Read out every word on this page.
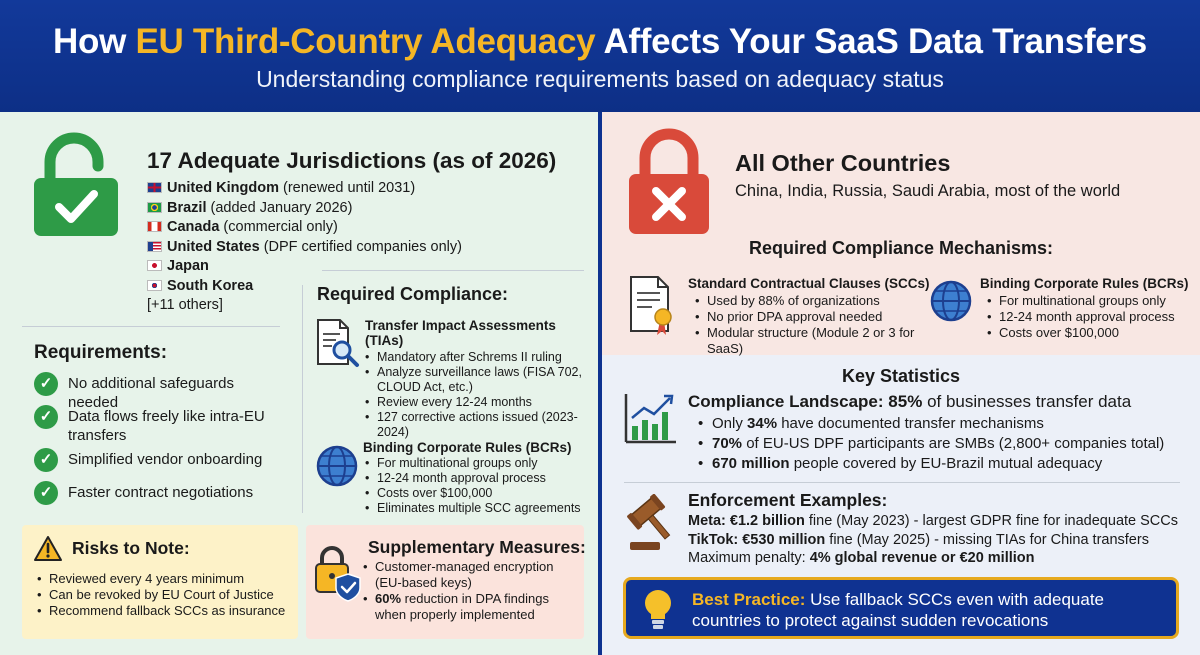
How EU Third-Country Adequacy Affects Your SaaS Data Transfers
Understanding compliance requirements based on adequacy status
17 Adequate Jurisdictions (as of 2026)
United Kingdom (renewed until 2031)
Brazil (added January 2026)
Canada (commercial only)
United States (DPF certified companies only)
Japan
South Korea
[+11 others]
Requirements:
✓	No additional safeguards needed
✓	Data flows freely like intra-EU transfers
✓	Simplified vendor onboarding
✓	Faster contract negotiations
Required Compliance:
Transfer Impact Assessments (TIAs)
• Mandatory after Schrems II ruling
• Analyze surveillance laws (FISA 702, CLOUD Act, etc.)
• Review every 12-24 months
• 127 corrective actions issued (2023-2024)
Binding Corporate Rules (BCRs)
• For multinational groups only
• 12-24 month approval process
• Costs over $100,000
• Eliminates multiple SCC agreements
Risks to Note:
• Reviewed every 4 years minimum
• Can be revoked by EU Court of Justice
• Recommend fallback SCCs as insurance
Supplementary Measures:
• Customer-managed encryption (EU-based keys)
• 60% reduction in DPA findings when properly implemented
All Other Countries
China, India, Russia, Saudi Arabia, most of the world
Required Compliance Mechanisms:
Standard Contractual Clauses (SCCs)
• Used by 88% of organizations
• No prior DPA approval needed
• Modular structure (Module 2 or 3 for SaaS)
Binding Corporate Rules (BCRs)
• For multinational groups only
• 12-24 month approval process
• Costs over $100,000
Key Statistics
Compliance Landscape: 85% of businesses transfer data
• Only 34% have documented transfer mechanisms
• 70% of EU-US DPF participants are SMBs (2,800+ companies total)
• 670 million people covered by EU-Brazil mutual adequacy
Enforcement Examples:
Meta: €1.2 billion fine (May 2023) - largest GDPR fine for inadequate SCCs
TikTok: €530 million fine (May 2025) - missing TIAs for China transfers
Maximum penalty: 4% global revenue or €20 million
Best Practice: Use fallback SCCs even with adequate countries to protect against sudden revocations
